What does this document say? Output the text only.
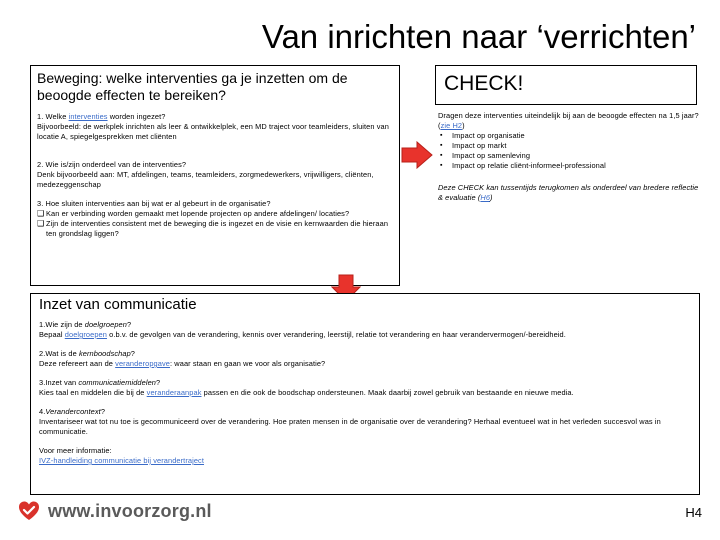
Van inrichten naar ‘verrichten’
Beweging: welke interventies ga je inzetten om de beoogde effecten te bereiken?

1. Welke interventies worden ingezet?

Bijvoorbeeld: de werkplek inrichten als leer & ontwikkelplek, een MD traject voor teamleiders, sluiten van locatie A, spiegelgesprekken met cliënten

2. Wie is/zijn onderdeel van de interventies?

Denk bijvoorbeeld aan: MT, afdelingen, teams, teamleiders, zorgmedewerkers, vrijwilligers, cliënten, medezeggenschap

3. Hoe sluiten interventies aan bij wat er al gebeurt in de organisatie?

❑ Kan er verbinding worden gemaakt met lopende projecten op andere afdelingen/ locaties?
❑ Zijn de interventies consistent met de beweging die is ingezet en de visie en kernwaarden die hieraan ten grondslag liggen?
CHECK!

Dragen deze interventies uiteindelijk bij aan de beoogde effecten na 1,5 jaar? (zie H2)

▪ Impact op organisatie
▪ Impact op markt
▪ Impact op samenleving
▪ Impact op relatie cliënt-informeel-professional

Deze CHECK kan tussentijds terugkomen als onderdeel van bredere reflectie & evaluatie (H6)

Inzet van communicatie

1.Wie zijn de doelgroepen?

Bepaal doelgroepen o.b.v. de gevolgen van de verandering, kennis over verandering, leerstijl, relatie tot verandering en haar verandervermogen/-bereidheid.

2.Wat is de kernboodschap?

Deze refereert aan de veranderopgave: waar staan en gaan we voor als organisatie?

3.Inzet van communicatiemiddelen?

Kies taal en middelen die bij de veranderaanpak passen en die ook de boodschap ondersteunen. Maak daarbij zowel gebruik van bestaande en nieuwe media.

4.Verandercontext?

Inventariseer wat tot nu toe is gecommuniceerd over de verandering. Hoe praten mensen in de organisatie over de verandering? Herhaal eventueel wat in het verleden succesvol was in communicatie.

Voor meer informatie:

IVZ-handleiding communicatie bij verandertraject

www.invoorzorg.nl	H4
